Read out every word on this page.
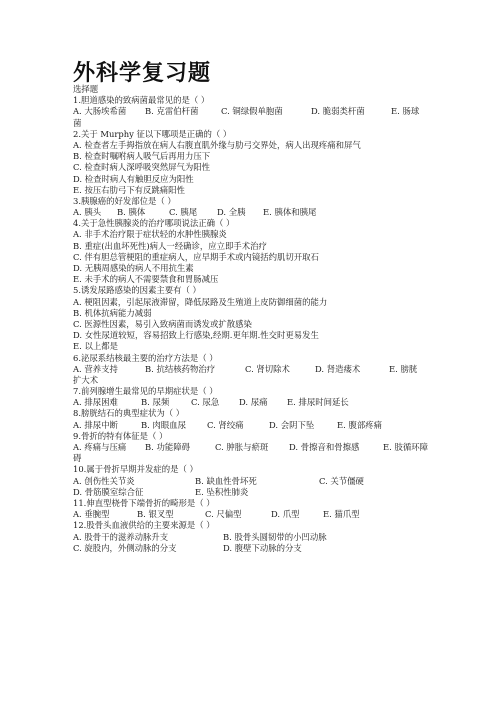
外科学复习题
选择题
1.胆道感染的致病菌最常见的是（ ）
A. 大肠埃希菌	B. 克雷伯杆菌	C. 铜绿假单胞菌	D. 脆弱类杆菌	E. 肠球
菌
2.关于 Murphy 征以下哪项是正确的（ ）
A. 检查者左手拇指放在病人右腹直肌外缘与肋弓交界处，病人出现疼痛和屏气
B. 检查时嘱咐病人吸气后再用力压下
C. 检查时病人深呼吸突然屏气为阳性
D. 检查时病人有触胆反应为阳性
E. 按压右肋弓下有反跳痛阳性
3.胰腺癌的好发部位是（ ）
A. 胰头	B. 胰体	C. 胰尾	D. 全胰	E. 胰体和胰尾
4.关于急性胰腺炎的治疗哪项说法正确（ ）
A. 非手术治疗限于症状轻的水肿性胰腺炎
B. 重症(出血坏死性)病人一经确诊，应立即手术治疗
C. 伴有胆总管梗阻的重症病人，应早期手术或内镜括约肌切开取石
D. 无胰周感染的病人不用抗生素
E. 未手术的病人不需要禁食和胃肠减压
5.诱发尿路感染的因素主要有（ ）
A. 梗阻因素，引起尿液滞留，降低尿路及生殖道上皮防御细菌的能力
B. 机体抗病能力减弱
C. 医源性因素，易引入致病菌而诱发或扩散感染
D. 女性尿道较短，容易招致上行感染,经期.更年期.性交时更易发生
E. 以上都是
6.泌尿系结核最主要的治疗方法是（ ）
A. 营养支持	B. 抗结核药物治疗	C. 肾切除术	D. 肾造瘘术	E. 膀胱
扩大术
7.前列腺增生最常见的早期症状是（ ）
A. 排尿困难	B. 尿频	C. 尿急	D. 尿痛	E. 排尿时间延长
8.膀胱结石的典型症状为（ ）
A. 排尿中断	B. 肉眼血尿	C. 肾绞痛	D. 会阴下坠	E. 腹部疼痛
9.骨折的特有体征是（ ）
A. 疼痛与压痛	B. 功能障碍	C. 肿胀与瘀斑	D. 骨擦音和骨擦感	E. 肢循环障
碍
10.属于骨折早期并发症的是（ ）
A. 创伤性关节炎	B. 缺血性骨坏死	C. 关节僵硬
D. 骨筋膜室综合征	E. 坠积性肺炎
11.伸直型桡骨下端骨折的畸形是（ ）
A. 垂腕型	B. 银叉型	C. 尺偏型	D. 爪型	E. 猫爪型
12.股骨头血液供给的主要来源是（ ）
A. 股骨干的滋养动脉升支	B. 股骨头圆韧带的小凹动脉
C. 旋股内，外侧动脉的分支	D. 腹壁下动脉的分支
